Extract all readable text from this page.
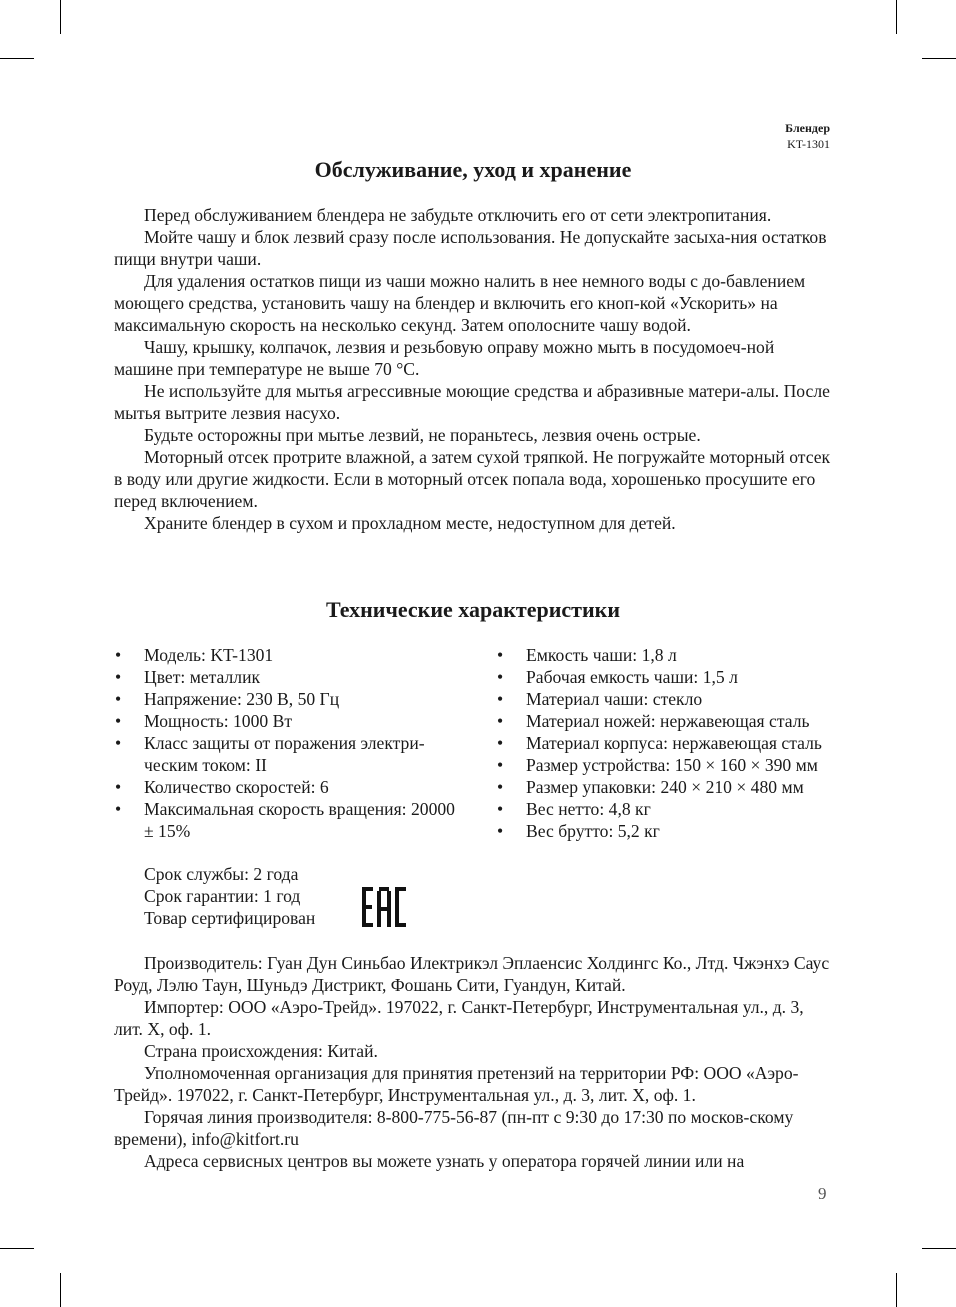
Блендер
KT-1301
Обслуживание, уход и хранение

Перед обслуживанием блендера не забудьте отключить его от сети электропитания.

Мойте чашу и блок лезвий сразу после использования. Не допускайте засыха-ния остатков пищи внутри чаши.

Для удаления остатков пищи из чаши можно налить в нее немного воды с до-бавлением моющего средства, установить чашу на блендер и включить его кноп-кой «Ускорить» на максимальную скорость на несколько секунд. Затем ополосните чашу водой.

Чашу, крышку, колпачок, лезвия и резьбовую оправу можно мыть в посудомоеч-ной машине при температуре не выше 70 °С.

Не используйте для мытья агрессивные моющие средства и абразивные матери-алы. После мытья вытрите лезвия насухо.

Будьте осторожны при мытье лезвий, не пораньтесь, лезвия очень острые.

Моторный отсек протрите влажной, а затем сухой тряпкой. Не погружайте моторный отсек в воду или другие жидкости. Если в моторный отсек попала вода, хорошенько просушите его перед включением.

Храните блендер в сухом и прохладном месте, недоступном для детей.

Технические характеристики
• Модель: KT-1301
• Цвет: металлик
• Напряжение: 230 В, 50 Гц
• Мощность: 1000 Вт
• Класс защиты от поражения электри-ческим током: II
• Количество скоростей: 6
• Максимальная скорость вращения: 20000 ± 15%
• Емкость чаши: 1,8 л
• Рабочая емкость чаши: 1,5 л
• Материал чаши: стекло
• Материал ножей: нержавеющая сталь
• Материал корпуса: нержавеющая сталь
• Размер устройства: 150 × 160 × 390 мм
• Размер упаковки: 240 × 210 × 480 мм
• Вес нетто: 4,8 кг
• Вес брутто: 5,2 кг
Срок службы: 2 года
Срок гарантии: 1 год
Товар сертифицирован

Производитель: Гуан Дун Синьбао Илектрикэл Эплаенсис Холдингс Ко., Лтд. Чжэнхэ Саус Роуд, Лэлю Таун, Шуньдэ Дистрикт, Фошань Сити, Гуандун, Китай.

Импортер: ООО «Аэро-Трейд». 197022, г. Санкт-Петербург, Инструментальная ул., д. 3, лит. Х, оф. 1.

Страна происхождения: Китай.

Уполномоченная организация для принятия претензий на территории РФ: ООО «Аэро-Трейд». 197022, г. Санкт-Петербург, Инструментальная ул., д. 3, лит. Х, оф. 1.

Горячая линия производителя: 8-800-775-56-87 (пн-пт с 9:30 до 17:30 по москов-скому времени), info@kitfort.ru

Адреса сервисных центров вы можете узнать у оператора горячей линии или на

9
